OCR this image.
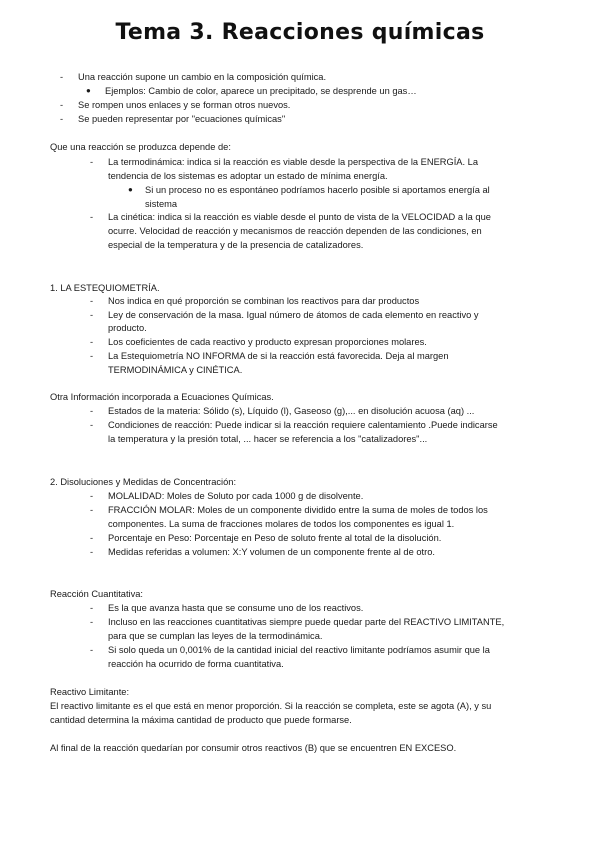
Tema 3. Reacciones químicas
- Una reacción supone un cambio en la composición química.
● Ejemplos: Cambio de color, aparece un precipitado, se desprende un gas…
- Se rompen unos enlaces y se forman otros nuevos.
- Se pueden representar por "ecuaciones químicas"
Que una reacción se produzca depende de:
- La termodinámica: indica si la reacción es viable desde la perspectiva de la ENERGÍA. La
tendencia de los sistemas es adoptar un estado de mínima energía.
● Si un proceso no es espontáneo podríamos hacerlo posible si aportamos energía al
sistema
- La cinética: indica si la reacción es viable desde el punto de vista de la VELOCIDAD a la que
ocurre. Velocidad de reacción y mecanismos de reacción dependen de las condiciones, en
especial de la temperatura y de la presencia de catalizadores.
1. LA ESTEQUIOMETRÍA.
- Nos indica en qué proporción se combinan los reactivos para dar productos
- Ley de conservación de la masa. Igual número de átomos de cada elemento en reactivo y
producto.
- Los coeficientes de cada reactivo y producto expresan proporciones molares.
- La Estequiometría NO INFORMA de si la reacción está favorecida. Deja al margen
TERMODINÁMICA y CINÉTICA.
Otra Información incorporada a Ecuaciones Químicas.
- Estados de la materia: Sólido (s), Líquido (l), Gaseoso (g),... en disolución acuosa (aq) ...
- Condiciones de reacción: Puede indicar si la reacción requiere calentamiento .Puede indicarse
la temperatura y la presión total, ... hacer se referencia a los "catalizadores"...
2. Disoluciones y Medidas de Concentración:
- MOLALIDAD: Moles de Soluto por cada 1000 g de disolvente.
- FRACCIÓN MOLAR: Moles de un componente dividido entre la suma de moles de todos los
componentes. La suma de fracciones molares de todos los componentes es igual 1.
- Porcentaje en Peso: Porcentaje en Peso de soluto frente al total de la disolución.
- Medidas referidas a volumen: X:Y volumen de un componente frente al de otro.
Reacción Cuantitativa:
- Es la que avanza hasta que se consume uno de los reactivos.
- Incluso en las reacciones cuantitativas siempre puede quedar parte del REACTIVO LIMITANTE,
para que se cumplan las leyes de la termodinámica.
- Si solo queda un 0,001% de la cantidad inicial del reactivo limitante podríamos asumir que la
reacción ha ocurrido de forma cuantitativa.
Reactivo Limitante:
El reactivo limitante es el que está en menor proporción. Si la reacción se completa, este se agota (A), y su
cantidad determina la máxima cantidad de producto que puede formarse.
Al final de la reacción quedarían por consumir otros reactivos (B) que se encuentren EN EXCESO.
